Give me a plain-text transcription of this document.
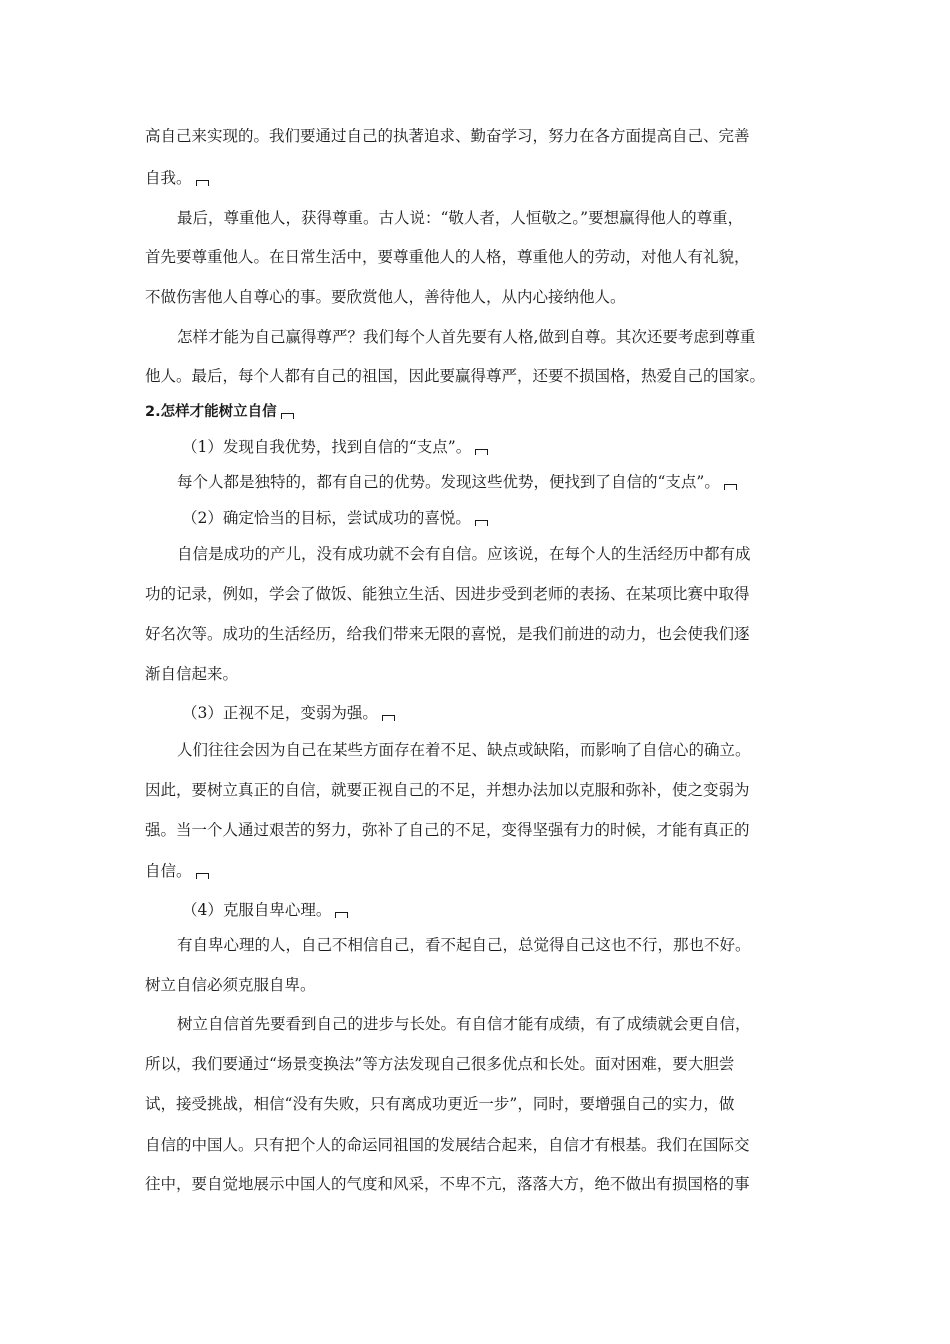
高自己来实现的。我们要通过自己的执著追求、勤奋学习，努力在各方面提高自己、完善

自我。

最后，尊重他人，获得尊重。古人说：“敬人者，人恒敬之。”要想赢得他人的尊重，

首先要尊重他人。在日常生活中，要尊重他人的人格，尊重他人的劳动，对他人有礼貌，

不做伤害他人自尊心的事。要欣赏他人，善待他人，从内心接纳他人。

怎样才能为自己赢得尊严？我们每个人首先要有人格,做到自尊。其次还要考虑到尊重

他人。最后，每个人都有自己的祖国，因此要赢得尊严，还要不损国格，热爱自己的国家。

2.怎样才能树立自信

（1）发现自我优势，找到自信的“支点”。

每个人都是独特的，都有自己的优势。发现这些优势，便找到了自信的“支点”。

（2）确定恰当的目标，尝试成功的喜悦。

自信是成功的产儿，没有成功就不会有自信。应该说，在每个人的生活经历中都有成

功的记录，例如，学会了做饭、能独立生活、因进步受到老师的表扬、在某项比赛中取得

好名次等。成功的生活经历，给我们带来无限的喜悦，是我们前进的动力，也会使我们逐

渐自信起来。

（3）正视不足，变弱为强。

人们往往会因为自己在某些方面存在着不足、缺点或缺陷，而影响了自信心的确立。

因此，要树立真正的自信，就要正视自己的不足，并想办法加以克服和弥补，使之变弱为

强。当一个人通过艰苦的努力，弥补了自己的不足，变得坚强有力的时候，才能有真正的

自信。

（4）克服自卑心理。

有自卑心理的人，自己不相信自己，看不起自己，总觉得自己这也不行，那也不好。

树立自信必须克服自卑。

树立自信首先要看到自己的进步与长处。有自信才能有成绩，有了成绩就会更自信，

所以，我们要通过“场景变换法”等方法发现自己很多优点和长处。面对困难，要大胆尝

试，接受挑战，相信“没有失败，只有离成功更近一步”，同时，要增强自己的实力，做

自信的中国人。只有把个人的命运同祖国的发展结合起来，自信才有根基。我们在国际交

往中，要自觉地展示中国人的气度和风采，不卑不亢，落落大方，绝不做出有损国格的事
